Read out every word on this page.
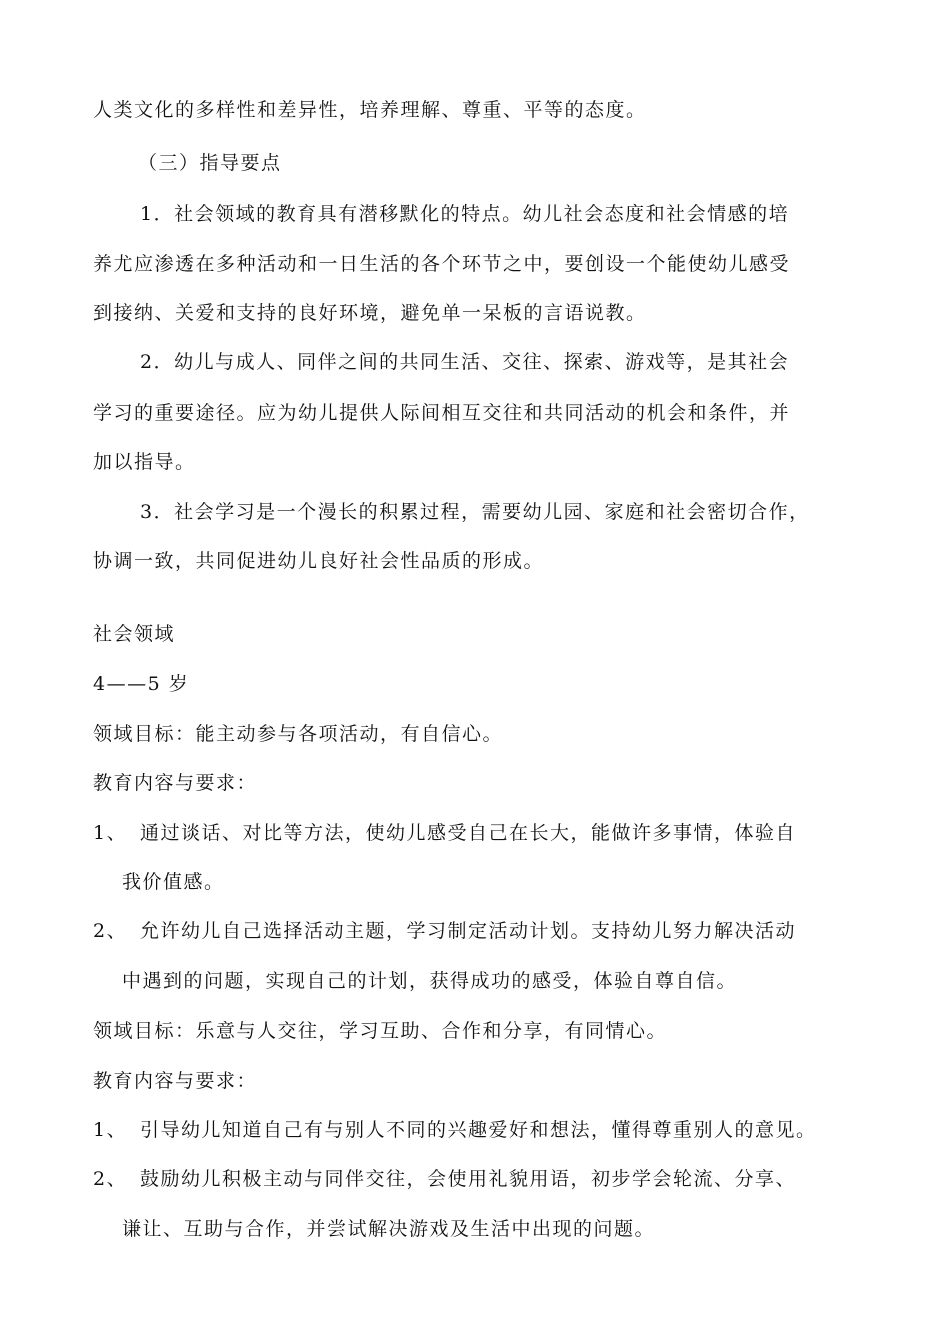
人类文化的多样性和差异性，培养理解、尊重、平等的态度。

（三）指导要点

1．社会领域的教育具有潜移默化的特点。幼儿社会态度和社会情感的培

养尤应渗透在多种活动和一日生活的各个环节之中，要创设一个能使幼儿感受

到接纳、关爱和支持的良好环境，避免单一呆板的言语说教。

2．幼儿与成人、同伴之间的共同生活、交往、探索、游戏等，是其社会

学习的重要途径。应为幼儿提供人际间相互交往和共同活动的机会和条件，并

加以指导。

3．社会学习是一个漫长的积累过程，需要幼儿园、家庭和社会密切合作，

协调一致，共同促进幼儿良好社会性品质的形成。

社会领域

4——5 岁

领域目标：能主动参与各项活动，有自信心。

教育内容与要求：

1、 通过谈话、对比等方法，使幼儿感受自己在长大，能做许多事情，体验自

我价值感。

2、 允许幼儿自己选择活动主题，学习制定活动计划。支持幼儿努力解决活动

中遇到的问题，实现自己的计划，获得成功的感受，体验自尊自信。

领域目标：乐意与人交往，学习互助、合作和分享，有同情心。

教育内容与要求：

1、 引导幼儿知道自己有与别人不同的兴趣爱好和想法，懂得尊重别人的意见。

2、 鼓励幼儿积极主动与同伴交往，会使用礼貌用语，初步学会轮流、分享、

谦让、互助与合作，并尝试解决游戏及生活中出现的问题。
